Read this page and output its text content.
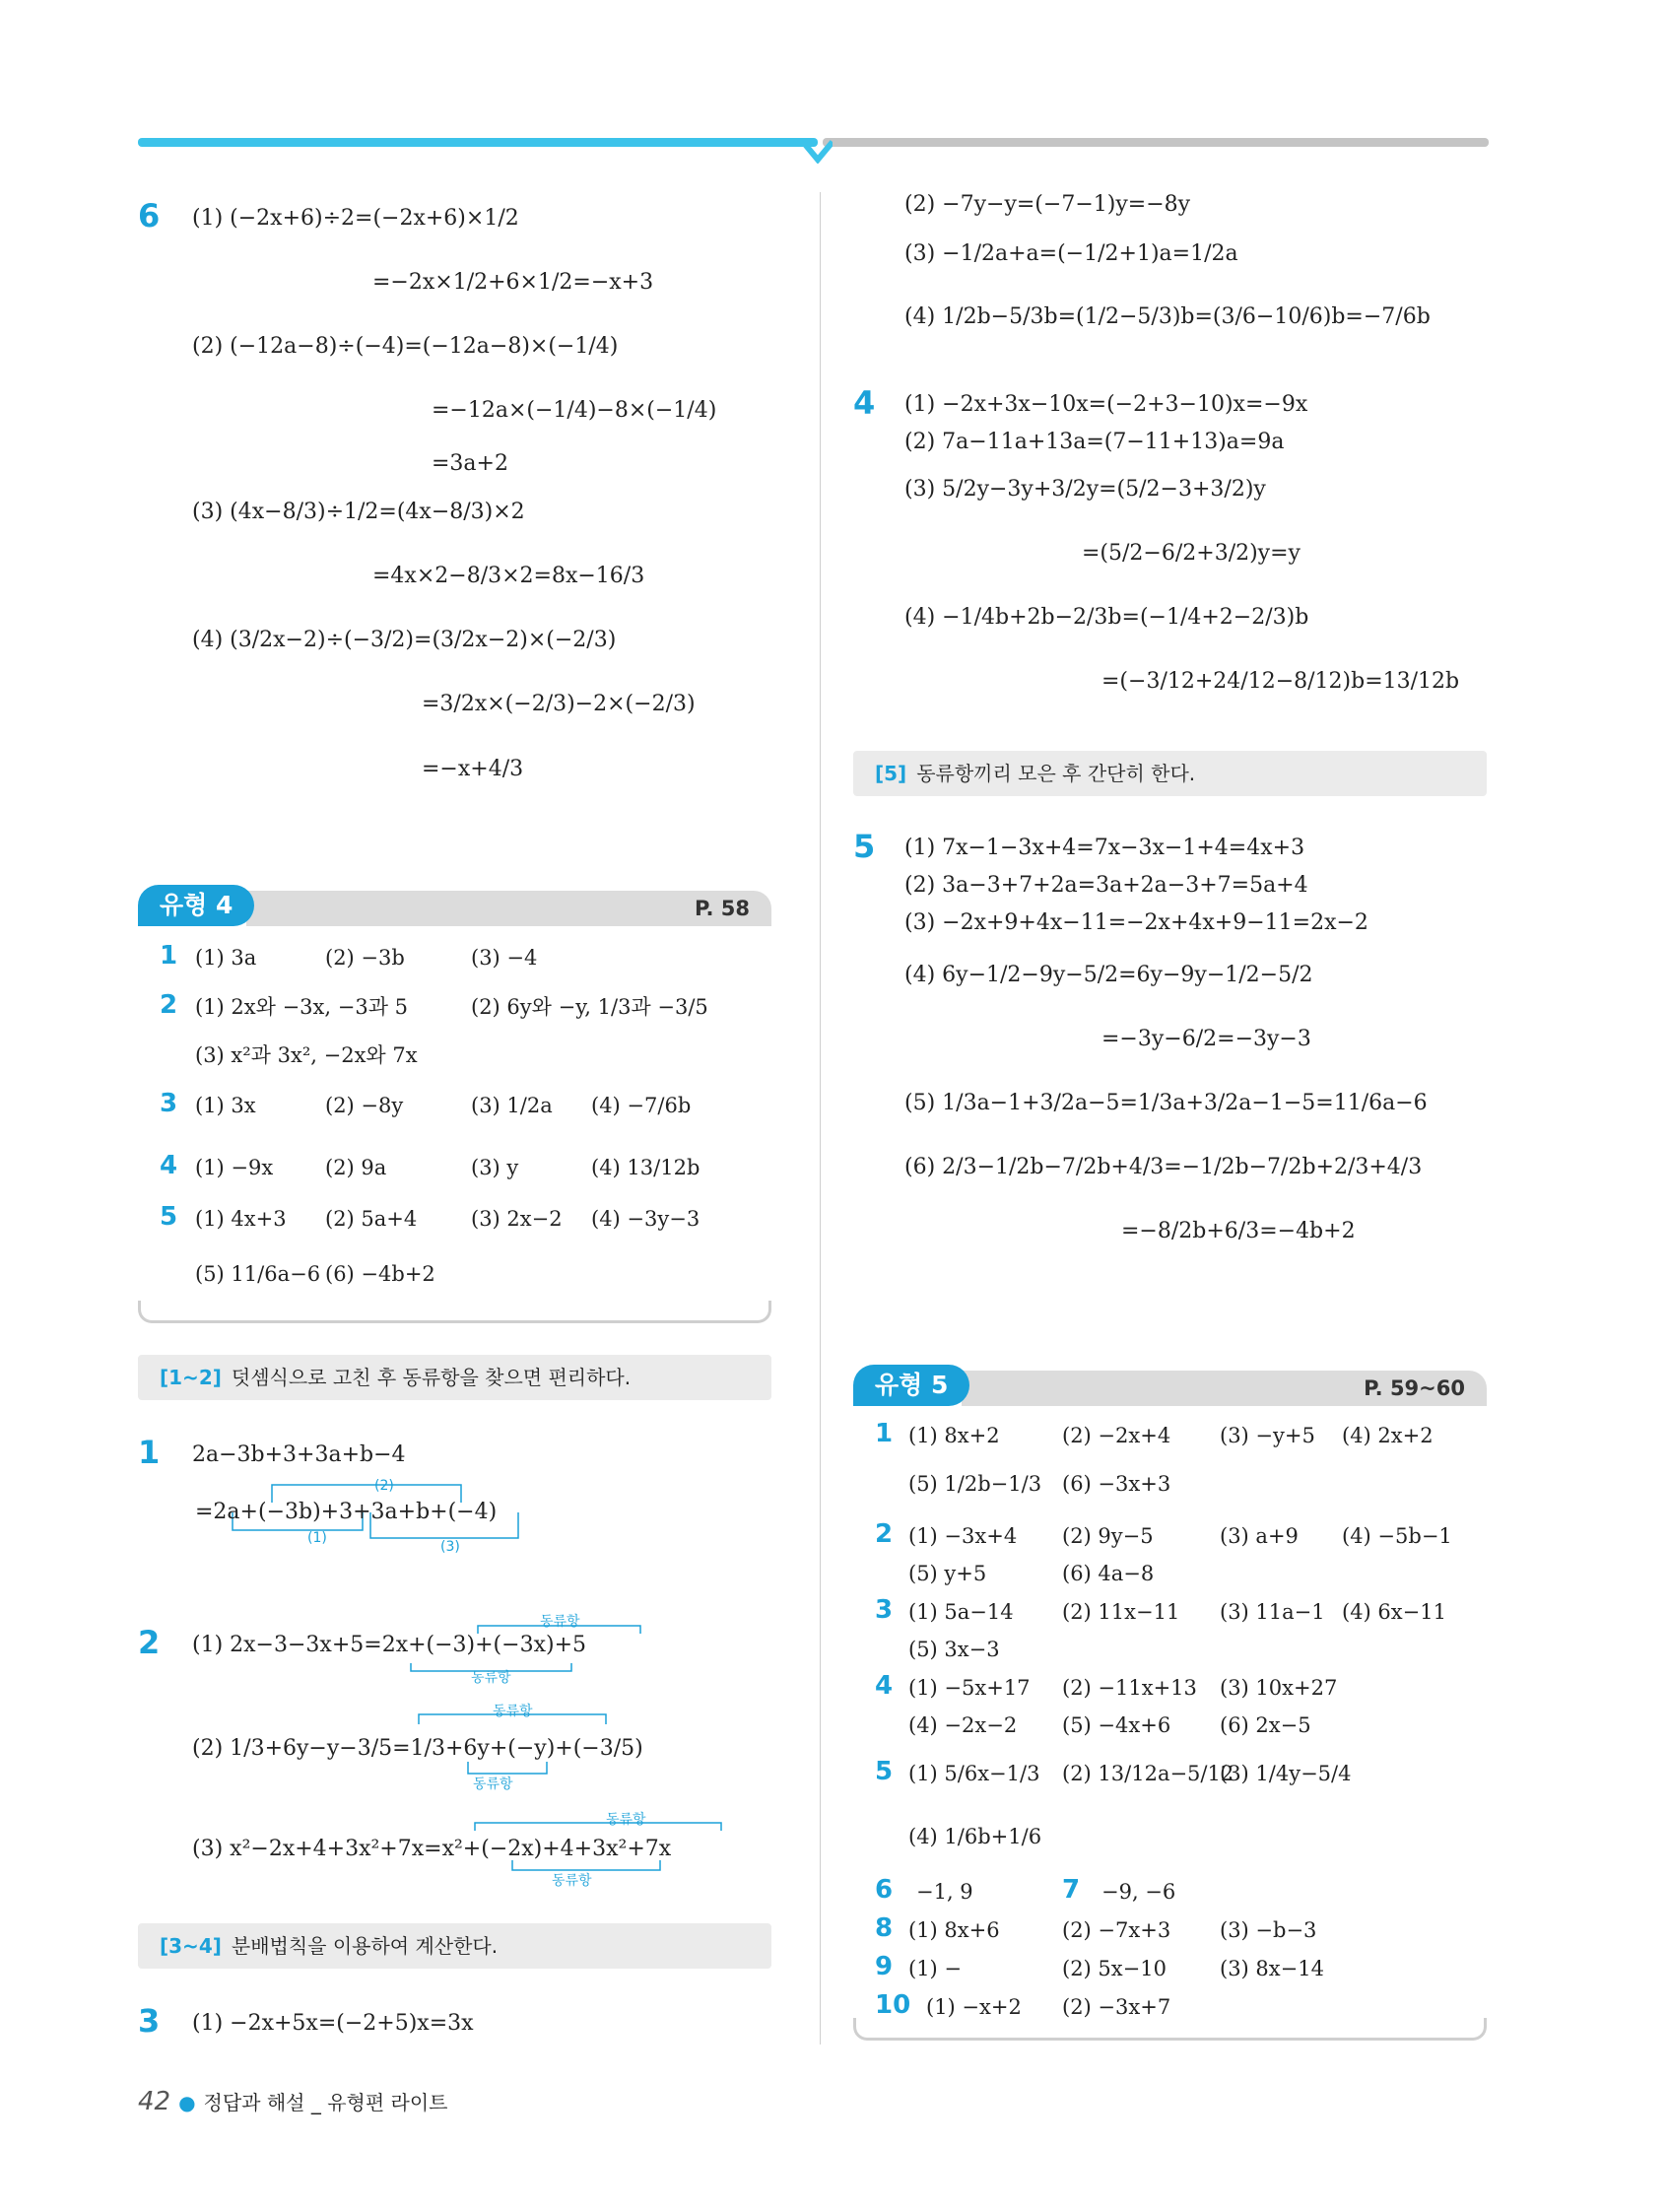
6 (1) (−2x+6)÷2=(−2x+6)×1/2
=−2x×1/2+6×1/2=−x+3
(2) (−12a−8)÷(−4)=(−12a−8)×(−1/4)
=−12a×(−1/4)−8×(−1/4)
=3a+2
(3) (4x−8/3)÷1/2=(4x−8/3)×2
=4x×2−8/3×2=8x−16/3
(4) (3/2x−2)÷(−3/2)=(3/2x−2)×(−2/3)
=3/2x×(−2/3)−2×(−2/3)
=−x+4/3
유형 4	P. 58
1 (1) 3a	(2) −3b	(3) −4
2 (1) 2x와 −3x, −3과 5	(2) 6y와 −y, 1/3과 −3/5
(3) x²과 3x², −2x와 7x
3 (1) 3x	(2) −8y	(3) 1/2a (4) −7/6b
4 (1) −9x	(2) 9a	(3) y	(4) 13/12b
5 (1) 4x+3 (2) 5a+4	(3) 2x−2 (4) −3y−3
(5) 11/6a−6 (6) −4b+2
[1~2] 덧셈식으로 고친 후 동류항을 찾으면 편리하다.
1 2a−3b+3+3a+b−4
(2)
(1)
(3)
=2a+(−3b)+3+3a+b+(−4)
2
동류항
(1) 2x−3−3x+5=2x+(−3)+(−3x)+5
동류항
동류항
(2) 1/3+6y−y−3/5=1/3+6y+(−y)+(−3/5)
동류항
동류항
(3) x²−2x+4+3x²+7x=x²+(−2x)+4+3x²+7x
동류항
[3~4] 분배법칙을 이용하여 계산한다.
3 (1) −2x+5x=(−2+5)x=3x
(2) −7y−y=(−7−1)y=−8y
(3) −1/2a+a=(−1/2+1)a=1/2a
(4) 1/2b−5/3b=(1/2−5/3)b=(3/6−10/6)b=−7/6b
4 (1) −2x+3x−10x=(−2+3−10)x=−9x
(2) 7a−11a+13a=(7−11+13)a=9a
(3) 5/2y−3y+3/2y=(5/2−3+3/2)y
=(5/2−6/2+3/2)y=y
(4) −1/4b+2b−2/3b=(−1/4+2−2/3)b
=(−3/12+24/12−8/12)b=13/12b
[5] 동류항끼리 모은 후 간단히 한다.
5 (1) 7x−1−3x+4=7x−3x−1+4=4x+3
(2) 3a−3+7+2a=3a+2a−3+7=5a+4
(3) −2x+9+4x−11=−2x+4x+9−11=2x−2
(4) 6y−1/2−9y−5/2=6y−9y−1/2−5/2
=−3y−6/2=−3y−3
(5) 1/3a−1+3/2a−5=1/3a+3/2a−1−5=11/6a−6
(6) 2/3−1/2b−7/2b+4/3=−1/2b−7/2b+2/3+4/3
=−8/2b+6/3=−4b+2
유형 5	P. 59~60
1 (1) 8x+2	(2) −2x+4 (3) −y+5 (4) 2x+2
(5) 1/2b−1/3 (6) −3x+3
2 (1) −3x+4 (2) 9y−5	(3) a+9 (4) −5b−1
(5) y+5	(6) 4a−8
3 (1) 5a−14 (2) 11x−11 (3) 11a−1 (4) 6x−11
(5) 3x−3
4 (1) −5x+17 (2) −11x+13 (3) 10x+27
(4) −2x−2 (5) −4x+6 (6) 2x−5
5 (1) 5/6x−1/3 (2) 13/12a−5/12
(3) 1/4y−5/4
(4) 1/6b+1/6
6 −1, 9	7 −9, −6
8 (1) 8x+6	(2) −7x+3 (3) −b−3
9 (1) −	(2) 5x−10	(3) 8x−14
10 (1) −x+2 (2) −3x+7
42 ● 정답과 해설 _ 유형편 라이트
